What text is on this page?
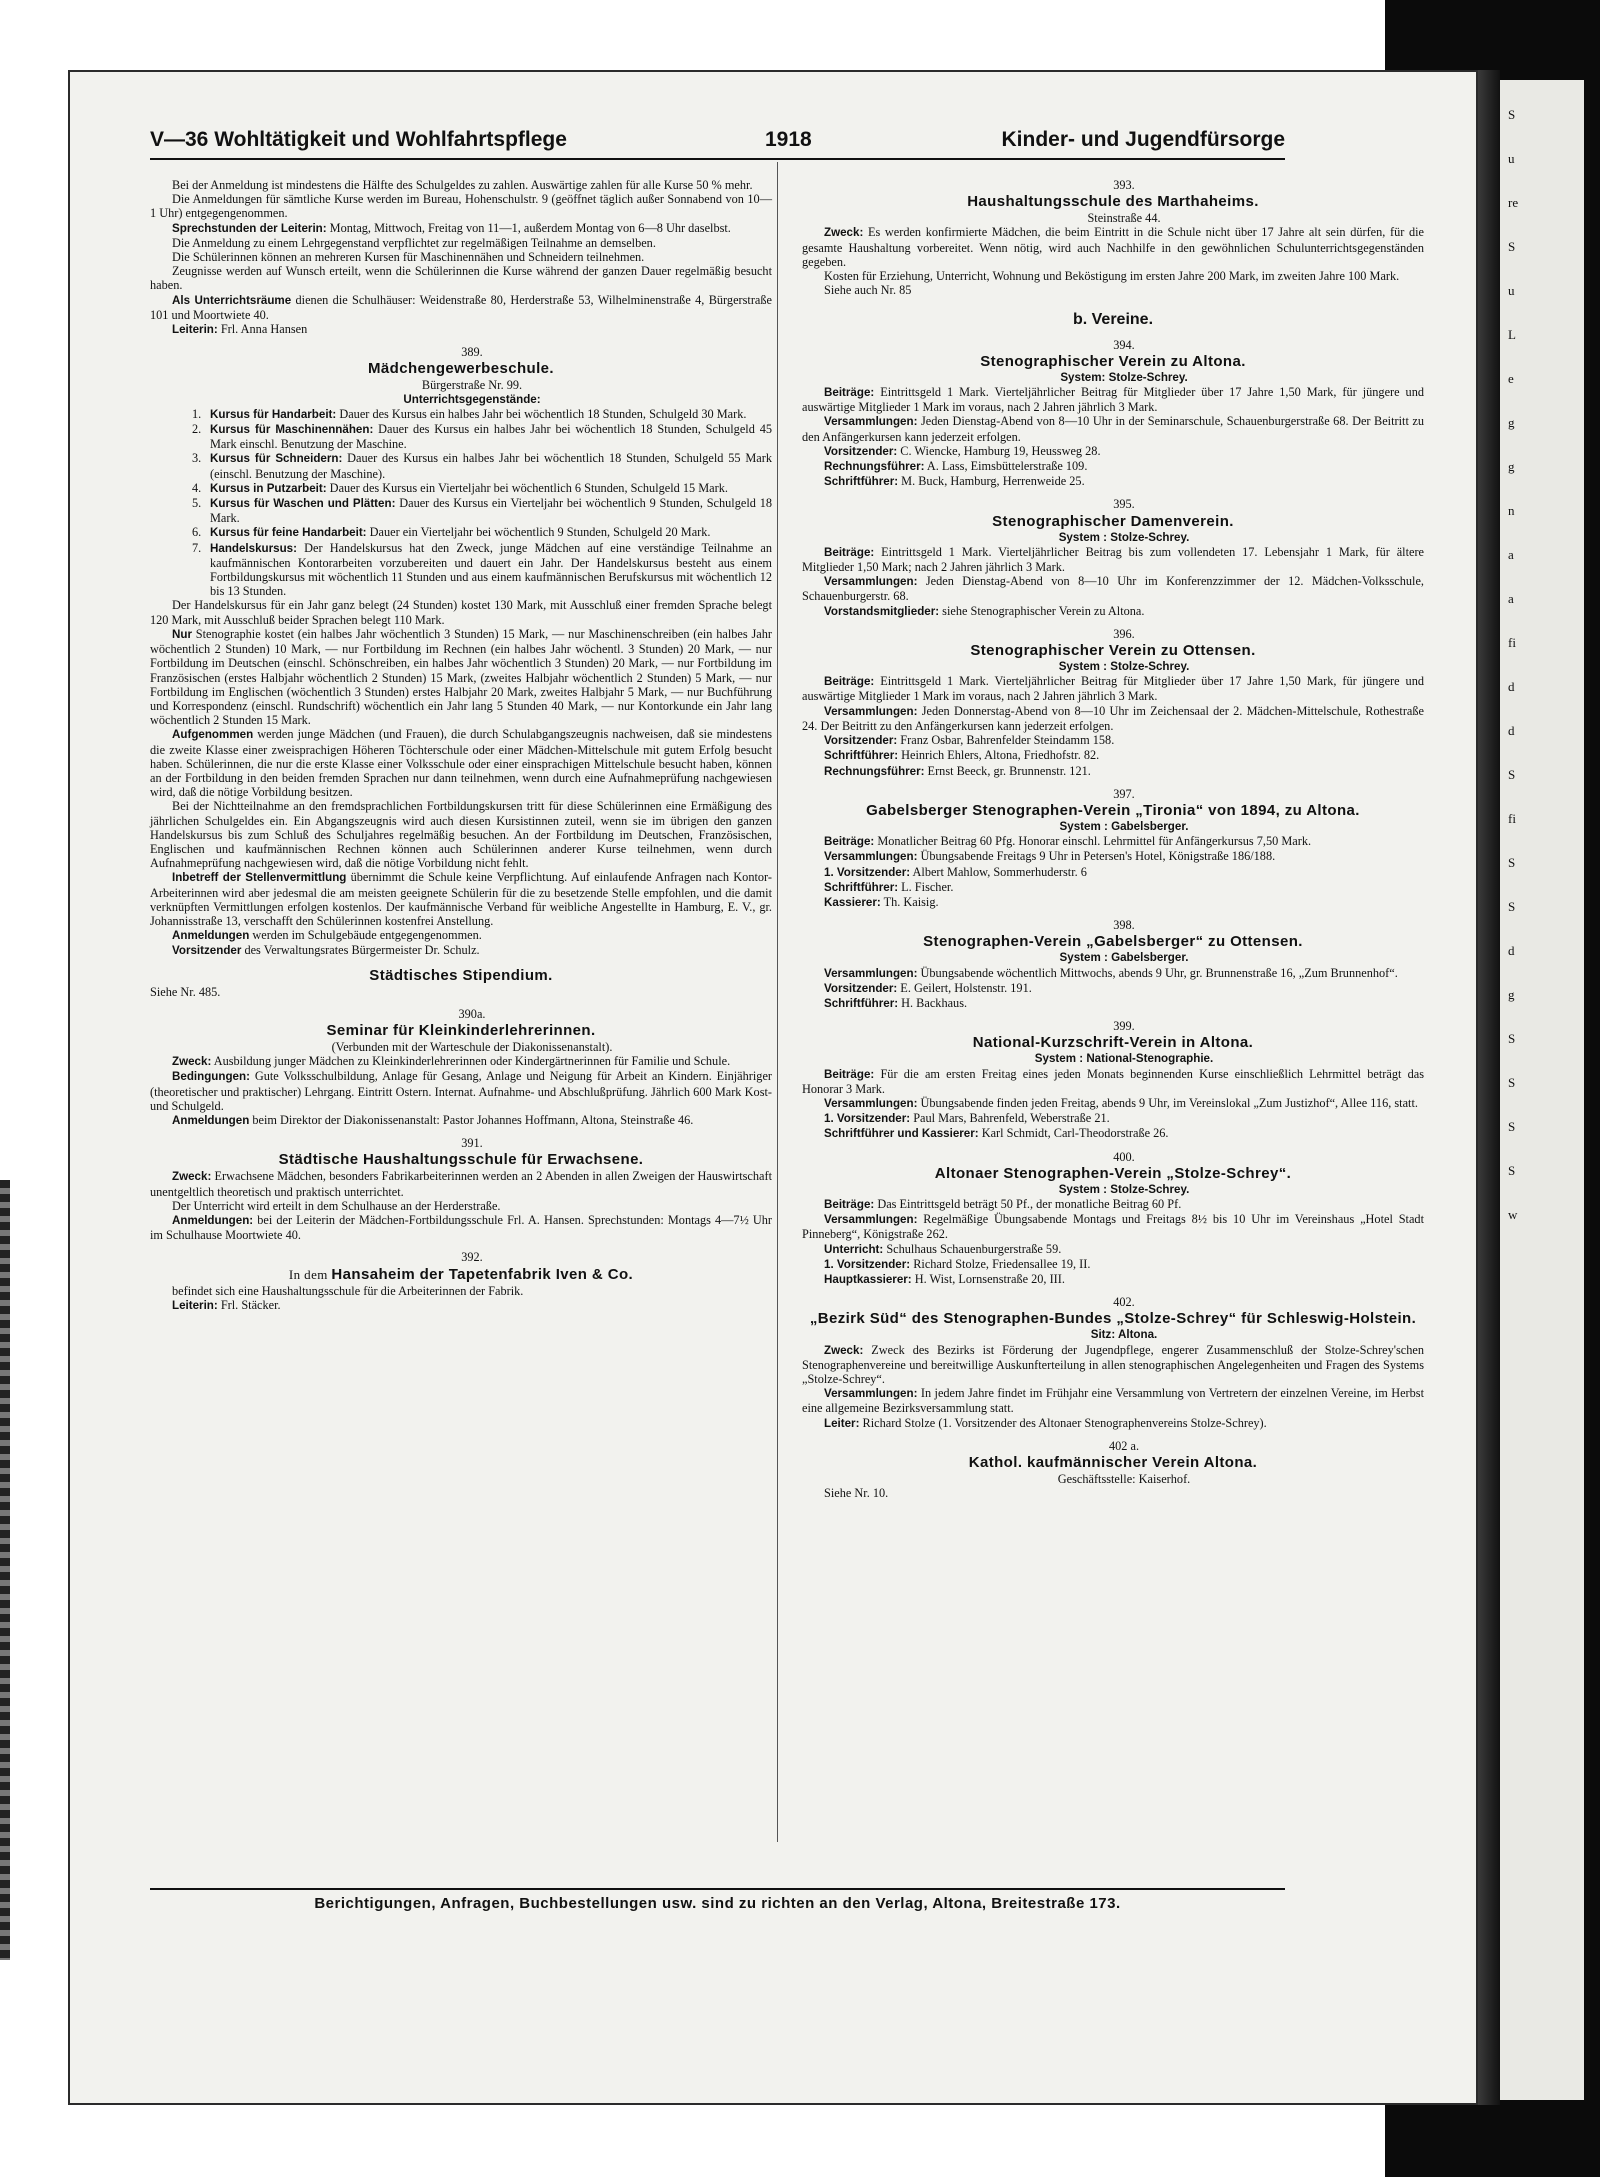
S
u
re
S
u
L
e
g
g
n
a
a
fi
d
d
S
fi
S
S
d
g
S
S
S
S
w
V—36 Wohltätigkeit und Wohlfahrtspflege	1918	Kinder- und Jugendfürsorge

Bei der Anmeldung ist mindestens die Hälfte des Schulgeldes zu zahlen. Auswärtige zahlen für alle Kurse 50 % mehr.

Die Anmeldungen für sämtliche Kurse werden im Bureau, Hohenschulstr. 9 (geöffnet täglich außer Sonnabend von 10—1 Uhr) entgegengenommen.

Sprechstunden der Leiterin: Montag, Mittwoch, Freitag von 11—1, außerdem Montag von 6—8 Uhr daselbst.

Die Anmeldung zu einem Lehrgegenstand verpflichtet zur regelmäßigen Teilnahme an demselben.

Die Schülerinnen können an mehreren Kursen für Maschinennähen und Schneidern teilnehmen.

Zeugnisse werden auf Wunsch erteilt, wenn die Schülerinnen die Kurse während der ganzen Dauer regelmäßig besucht haben.

Als Unterrichtsräume dienen die Schulhäuser: Weidenstraße 80, Herderstraße 53, Wilhelminenstraße 4, Bürgerstraße 101 und Moortwiete 40.

Leiterin: Frl. Anna Hansen

389.

Mädchengewerbeschule.

Bürgerstraße Nr. 99.

Unterrichtsgegenstände:

1. Kursus für Handarbeit: Dauer des Kursus ein halbes Jahr bei wöchentlich 18 Stunden, Schulgeld 30 Mark.

2. Kursus für Maschinennähen: Dauer des Kursus ein halbes Jahr bei wöchentlich 18 Stunden, Schulgeld 45 Mark einschl. Benutzung der Maschine.

3. Kursus für Schneidern: Dauer des Kursus ein halbes Jahr bei wöchentlich 18 Stunden, Schulgeld 55 Mark (einschl. Benutzung der Maschine).

4. Kursus in Putzarbeit: Dauer des Kursus ein Vierteljahr bei wöchentlich 6 Stunden, Schulgeld 15 Mark.

5. Kursus für Waschen und Plätten: Dauer des Kursus ein Vierteljahr bei wöchentlich 9 Stunden, Schulgeld 18 Mark.

6. Kursus für feine Handarbeit: Dauer ein Vierteljahr bei wöchentlich 9 Stunden, Schulgeld 20 Mark.

7. Handelskursus: Der Handelskursus hat den Zweck, junge Mädchen auf eine verständige Teilnahme an kaufmännischen Kontorarbeiten vorzubereiten und dauert ein Jahr. Der Handelskursus besteht aus einem Fortbildungskursus mit wöchentlich 11 Stunden und aus einem kaufmännischen Berufskursus mit wöchentlich 12 bis 13 Stunden.

Der Handelskursus für ein Jahr ganz belegt (24 Stunden) kostet 130 Mark, mit Ausschluß einer fremden Sprache belegt 120 Mark, mit Ausschluß beider Sprachen belegt 110 Mark.

Nur Stenographie kostet (ein halbes Jahr wöchentlich 3 Stunden) 15 Mark, — nur Maschinenschreiben (ein halbes Jahr wöchentlich 2 Stunden) 10 Mark, — nur Fortbildung im Rechnen (ein halbes Jahr wöchentl. 3 Stunden) 20 Mark, — nur Fortbildung im Deutschen (einschl. Schönschreiben, ein halbes Jahr wöchentlich 3 Stunden) 20 Mark, — nur Fortbildung im Französischen (erstes Halbjahr wöchentlich 2 Stunden) 15 Mark, (zweites Halbjahr wöchentlich 2 Stunden) 5 Mark, — nur Fortbildung im Englischen (wöchentlich 3 Stunden) erstes Halbjahr 20 Mark, zweites Halbjahr 5 Mark, — nur Buchführung und Korrespondenz (einschl. Rundschrift) wöchentlich ein Jahr lang 5 Stunden 40 Mark, — nur Kontorkunde ein Jahr lang wöchentlich 2 Stunden 15 Mark.

Aufgenommen werden junge Mädchen (und Frauen), die durch Schulabgangszeugnis nachweisen, daß sie mindestens die zweite Klasse einer zweisprachigen Höheren Töchterschule oder einer Mädchen-Mittelschule mit gutem Erfolg besucht haben. Schülerinnen, die nur die erste Klasse einer Volksschule oder einer einsprachigen Mittelschule besucht haben, können an der Fortbildung in den beiden fremden Sprachen nur dann teilnehmen, wenn durch eine Aufnahmeprüfung nachgewiesen wird, daß die nötige Vorbildung besitzen.

Bei der Nichtteilnahme an den fremdsprachlichen Fortbildungskursen tritt für diese Schülerinnen eine Ermäßigung des jährlichen Schulgeldes ein. Ein Abgangszeugnis wird auch diesen Kursistinnen zuteil, wenn sie im übrigen den ganzen Handelskursus bis zum Schluß des Schuljahres regelmäßig besuchen. An der Fortbildung im Deutschen, Französischen, Englischen und kaufmännischen Rechnen können auch Schülerinnen anderer Kurse teilnehmen, wenn durch Aufnahmeprüfung nachgewiesen wird, daß die nötige Vorbildung nicht fehlt.

Inbetreff der Stellenvermittlung übernimmt die Schule keine Verpflichtung. Auf einlaufende Anfragen nach Kontor-Arbeiterinnen wird aber jedesmal die am meisten geeignete Schülerin für die zu besetzende Stelle empfohlen, und die damit verknüpften Vermittlungen erfolgen kostenlos. Der kaufmännische Verband für weibliche Angestellte in Hamburg, E. V., gr. Johannisstraße 13, verschafft den Schülerinnen kostenfrei Anstellung.

Anmeldungen werden im Schulgebäude entgegengenommen.

Vorsitzender des Verwaltungsrates Bürgermeister Dr. Schulz.

Städtisches Stipendium.

Siehe Nr. 485.

390a.

Seminar für Kleinkinderlehrerinnen.

(Verbunden mit der Warteschule der Diakonissenanstalt).

Zweck: Ausbildung junger Mädchen zu Kleinkinderlehrerinnen oder Kindergärtnerinnen für Familie und Schule.

Bedingungen: Gute Volksschulbildung, Anlage für Gesang, Anlage und Neigung für Arbeit an Kindern. Einjähriger (theoretischer und praktischer) Lehrgang. Eintritt Ostern. Internat. Aufnahme- und Abschlußprüfung. Jährlich 600 Mark Kost- und Schulgeld.

Anmeldungen beim Direktor der Diakonissenanstalt: Pastor Johannes Hoffmann, Altona, Steinstraße 46.

391.

Städtische Haushaltungsschule für Erwachsene.

Zweck: Erwachsene Mädchen, besonders Fabrikarbeiterinnen werden an 2 Abenden in allen Zweigen der Hauswirtschaft unentgeltlich theoretisch und praktisch unterrichtet.

Der Unterricht wird erteilt in dem Schulhause an der Herderstraße.

Anmeldungen: bei der Leiterin der Mädchen-Fortbildungsschule Frl. A. Hansen. Sprechstunden: Montags 4—7½ Uhr im Schulhause Moortwiete 40.

392.

In dem Hansaheim der Tapetenfabrik Iven & Co.

befindet sich eine Haushaltungsschule für die Arbeiterinnen der Fabrik.

Leiterin: Frl. Stäcker.

393.

Haushaltungsschule des Marthaheims.

Steinstraße 44.

Zweck: Es werden konfirmierte Mädchen, die beim Eintritt in die Schule nicht über 17 Jahre alt sein dürfen, für die gesamte Haushaltung vorbereitet. Wenn nötig, wird auch Nachhilfe in den gewöhnlichen Schulunterrichtsgegenständen gegeben.

Kosten für Erziehung, Unterricht, Wohnung und Beköstigung im ersten Jahre 200 Mark, im zweiten Jahre 100 Mark.

Siehe auch Nr. 85

b. Vereine.

394.

Stenographischer Verein zu Altona.

System: Stolze-Schrey.

Beiträge: Eintrittsgeld 1 Mark. Vierteljährlicher Beitrag für Mitglieder über 17 Jahre 1,50 Mark, für jüngere und auswärtige Mitglieder 1 Mark im voraus, nach 2 Jahren jährlich 3 Mark.

Versammlungen: Jeden Dienstag-Abend von 8—10 Uhr in der Seminarschule, Schauenburgerstraße 68. Der Beitritt zu den Anfängerkursen kann jederzeit erfolgen.

Vorsitzender: C. Wiencke, Hamburg 19, Heussweg 28.

Rechnungsführer: A. Lass, Eimsbüttelerstraße 109.

Schriftführer: M. Buck, Hamburg, Herrenweide 25.

395.

Stenographischer Damenverein.

System : Stolze-Schrey.

Beiträge: Eintrittsgeld 1 Mark. Vierteljährlicher Beitrag bis zum vollendeten 17. Lebensjahr 1 Mark, für ältere Mitglieder 1,50 Mark; nach 2 Jahren jährlich 3 Mark.

Versammlungen: Jeden Dienstag-Abend von 8—10 Uhr im Konferenzzimmer der 12. Mädchen-Volksschule, Schauenburgerstr. 68.

Vorstandsmitglieder: siehe Stenographischer Verein zu Altona.

396.

Stenographischer Verein zu Ottensen.

System : Stolze-Schrey.

Beiträge: Eintrittsgeld 1 Mark. Vierteljährlicher Beitrag für Mitglieder über 17 Jahre 1,50 Mark, für jüngere und auswärtige Mitglieder 1 Mark im voraus, nach 2 Jahren jährlich 3 Mark.

Versammlungen: Jeden Donnerstag-Abend von 8—10 Uhr im Zeichensaal der 2. Mädchen-Mittelschule, Rothestraße 24. Der Beitritt zu den Anfängerkursen kann jederzeit erfolgen.

Vorsitzender: Franz Osbar, Bahrenfelder Steindamm 158.

Schriftführer: Heinrich Ehlers, Altona, Friedhofstr. 82.

Rechnungsführer: Ernst Beeck, gr. Brunnenstr. 121.

397.

Gabelsberger Stenographen-Verein „Tironia“ von 1894, zu Altona.

System : Gabelsberger.

Beiträge: Monatlicher Beitrag 60 Pfg. Honorar einschl. Lehrmittel für Anfängerkursus 7,50 Mark.

Versammlungen: Übungsabende Freitags 9 Uhr in Petersen's Hotel, Königstraße 186/188.

1. Vorsitzender: Albert Mahlow, Sommerhuderstr. 6

Schriftführer: L. Fischer.

Kassierer: Th. Kaisig.

398.

Stenographen-Verein „Gabelsberger“ zu Ottensen.

System : Gabelsberger.

Versammlungen: Übungsabende wöchentlich Mittwochs, abends 9 Uhr, gr. Brunnenstraße 16, „Zum Brunnenhof“.

Vorsitzender: E. Geilert, Holstenstr. 191.

Schriftführer: H. Backhaus.

399.

National-Kurzschrift-Verein in Altona.

System : National-Stenographie.

Beiträge: Für die am ersten Freitag eines jeden Monats beginnenden Kurse einschließlich Lehrmittel beträgt das Honorar 3 Mark.

Versammlungen: Übungsabende finden jeden Freitag, abends 9 Uhr, im Vereinslokal „Zum Justizhof“, Allee 116, statt.

1. Vorsitzender: Paul Mars, Bahrenfeld, Weberstraße 21.

Schriftführer und Kassierer: Karl Schmidt, Carl-Theodorstraße 26.

400.

Altonaer Stenographen-Verein „Stolze-Schrey“.

System : Stolze-Schrey.

Beiträge: Das Eintrittsgeld beträgt 50 Pf., der monatliche Beitrag 60 Pf.

Versammlungen: Regelmäßige Übungsabende Montags und Freitags 8½ bis 10 Uhr im Vereinshaus „Hotel Stadt Pinneberg“, Königstraße 262.

Unterricht: Schulhaus Schauenburgerstraße 59.

1. Vorsitzender: Richard Stolze, Friedensallee 19, II.

Hauptkassierer: H. Wist, Lornsenstraße 20, III.

402.

„Bezirk Süd“ des Stenographen-Bundes „Stolze-Schrey“ für Schleswig-Holstein.

Sitz: Altona.

Zweck: Zweck des Bezirks ist Förderung der Jugendpflege, engerer Zusammenschluß der Stolze-Schrey'schen Stenographenvereine und bereitwillige Auskunfterteilung in allen stenographischen Angelegenheiten und Fragen des Systems „Stolze-Schrey“.

Versammlungen: In jedem Jahre findet im Frühjahr eine Versammlung von Vertretern der einzelnen Vereine, im Herbst eine allgemeine Bezirksversammlung statt.

Leiter: Richard Stolze (1. Vorsitzender des Altonaer Stenographenvereins Stolze-Schrey).

402 a.

Kathol. kaufmännischer Verein Altona.

Geschäftsstelle: Kaiserhof.

Siehe Nr. 10.

Berichtigungen, Anfragen, Buchbestellungen usw. sind zu richten an den Verlag, Altona, Breitestraße 173.
